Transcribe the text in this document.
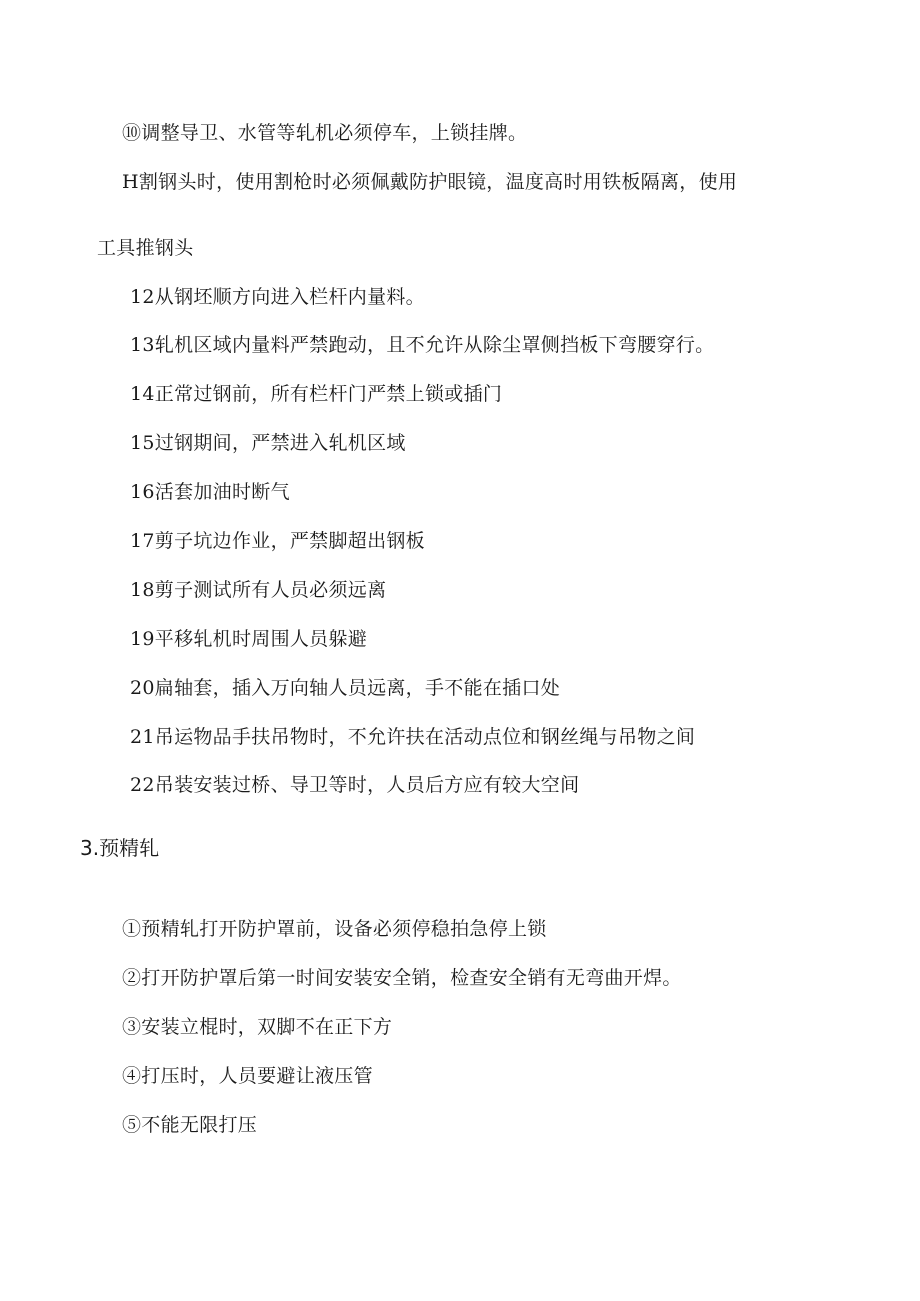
⑩调整导卫、水管等轧机必须停车，上锁挂牌。
H割钢头时，使用割枪时必须佩戴防护眼镜，温度高时用铁板隔离，使用
工具推钢头
12从钢坯顺方向进入栏杆内量料。
13轧机区域内量料严禁跑动，且不允许从除尘罩侧挡板下弯腰穿行。
14正常过钢前，所有栏杆门严禁上锁或插门
15过钢期间，严禁进入轧机区域
16活套加油时断气
17剪子坑边作业，严禁脚超出钢板
18剪子测试所有人员必须远离
19平移轧机时周围人员躲避
20扁轴套，插入万向轴人员远离，手不能在插口处
21吊运物品手扶吊物时，不允许扶在活动点位和钢丝绳与吊物之间
22吊装安装过桥、导卫等时，人员后方应有较大空间
3.预精轧
①预精轧打开防护罩前，设备必须停稳拍急停上锁
②打开防护罩后第一时间安装安全销，检查安全销有无弯曲开焊。
③安装立棍时，双脚不在正下方
④打压时，人员要避让液压管
⑤不能无限打压
